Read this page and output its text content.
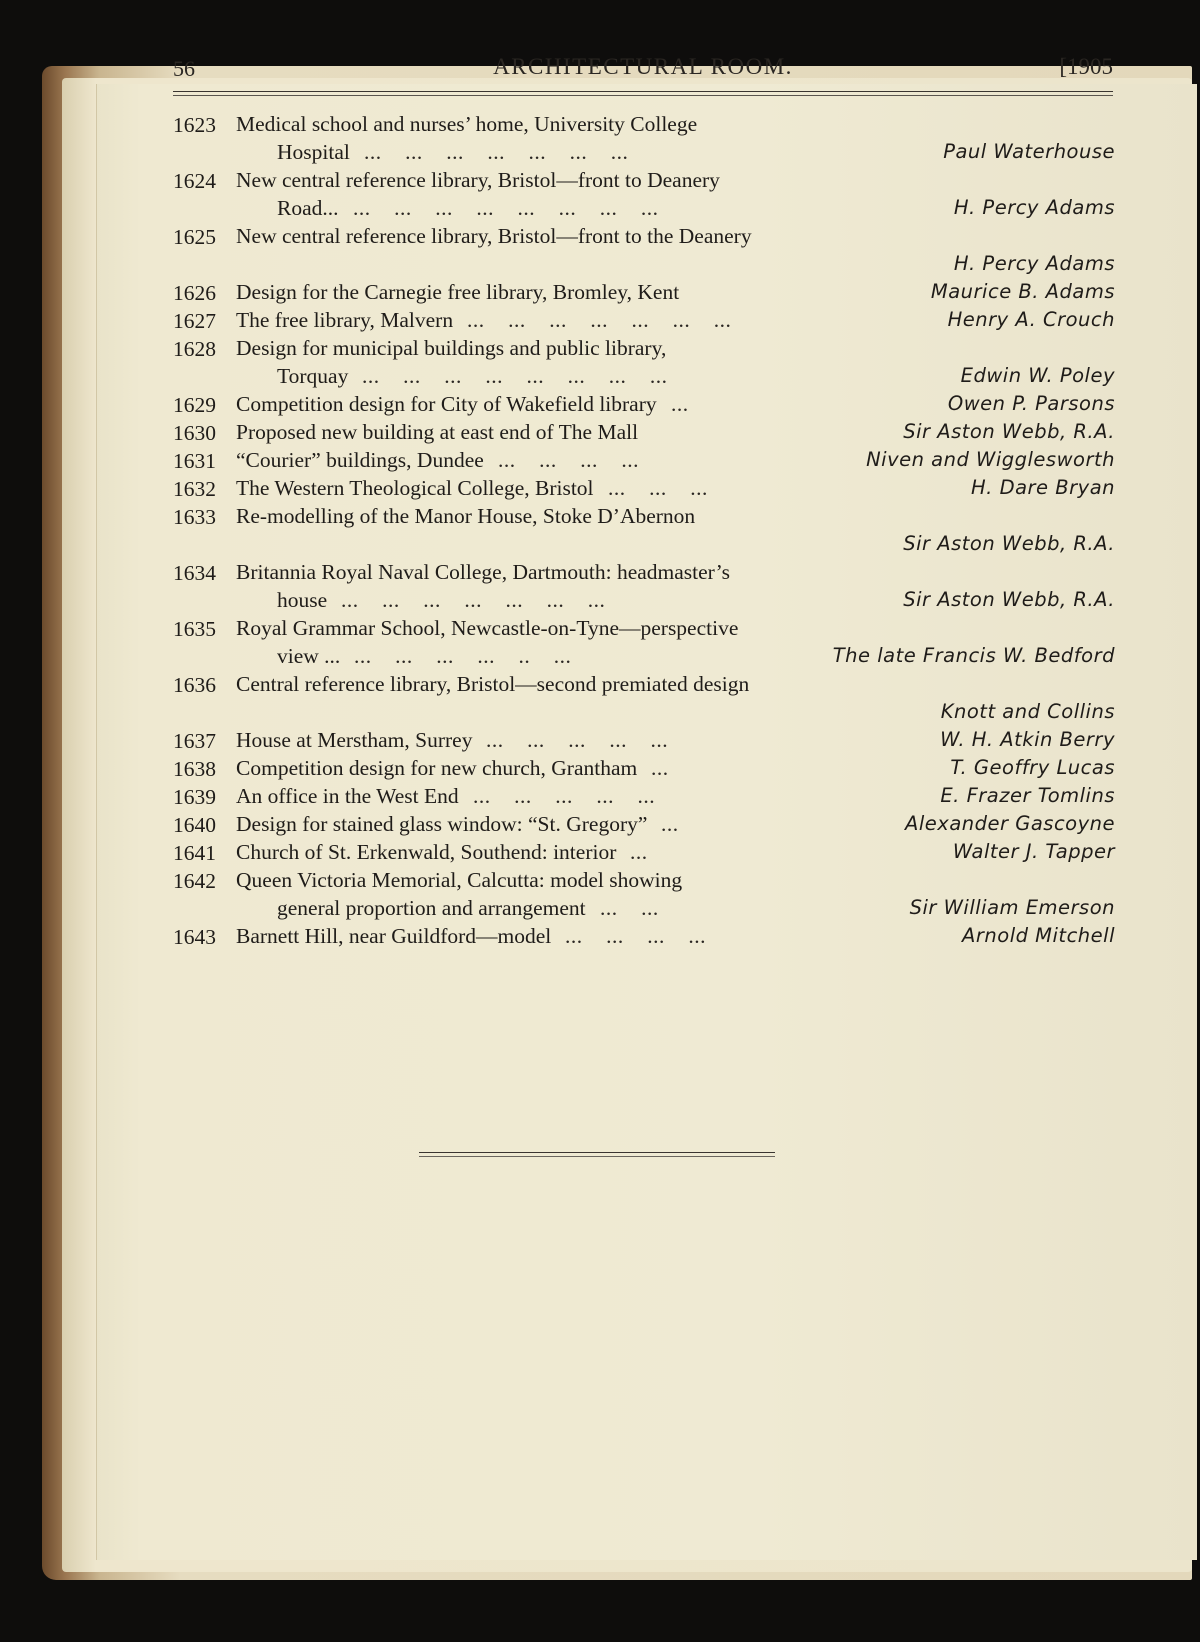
56	ARCHITECTURAL ROOM.	[1905
1623 Medical school and nurses’ home, University College
Hospital ...    ...    ...    ...    ...    ...    ...	Paul Waterhouse
1624 New central reference library, Bristol—front to Deanery
Road... ...    ...    ...    ...    ...    ...    ...    ...	H. Percy Adams
1625 New central reference library, Bristol—front to the Deanery
H. Percy Adams
1626 Design for the Carnegie free library, Bromley, Kent	Maurice B. Adams
1627 The free library, Malvern ...    ...    ...    ...    ...    ...    ...	Henry A. Crouch
1628 Design for municipal buildings and public library,
Torquay ...    ...    ...    ...    ...    ...    ...    ...	Edwin W. Poley
1629 Competition design for City of Wakefield library ...	Owen P. Parsons
1630 Proposed new building at east end of The Mall	Sir Aston Webb, R.A.
1631 “Courier” buildings, Dundee ...    ...    ...    ...	Niven and Wigglesworth
1632 The Western Theological College, Bristol ...    ...    ...	H. Dare Bryan
1633 Re-modelling of the Manor House, Stoke D’Abernon
Sir Aston Webb, R.A.
1634 Britannia Royal Naval College, Dartmouth: headmaster’s
house ...    ...    ...    ...    ...    ...    ...	Sir Aston Webb, R.A.
1635 Royal Grammar School, Newcastle-on-Tyne—perspective
view ... ...    ...    ...    ...    ..    ...	The late Francis W. Bedford
1636 Central reference library, Bristol—second premiated design
Knott and Collins
1637 House at Merstham, Surrey ...    ...    ...    ...    ...	W. H. Atkin Berry
1638 Competition design for new church, Grantham ...	T. Geoffry Lucas
1639 An office in the West End ...    ...    ...    ...    ...	E. Frazer Tomlins
1640 Design for stained glass window: “St. Gregory” ...	Alexander Gascoyne
1641 Church of St. Erkenwald, Southend: interior ...	Walter J. Tapper
1642 Queen Victoria Memorial, Calcutta: model showing
general proportion and arrangement ...    ...	Sir William Emerson
1643 Barnett Hill, near Guildford—model ...    ...    ...    ...	Arnold Mitchell
